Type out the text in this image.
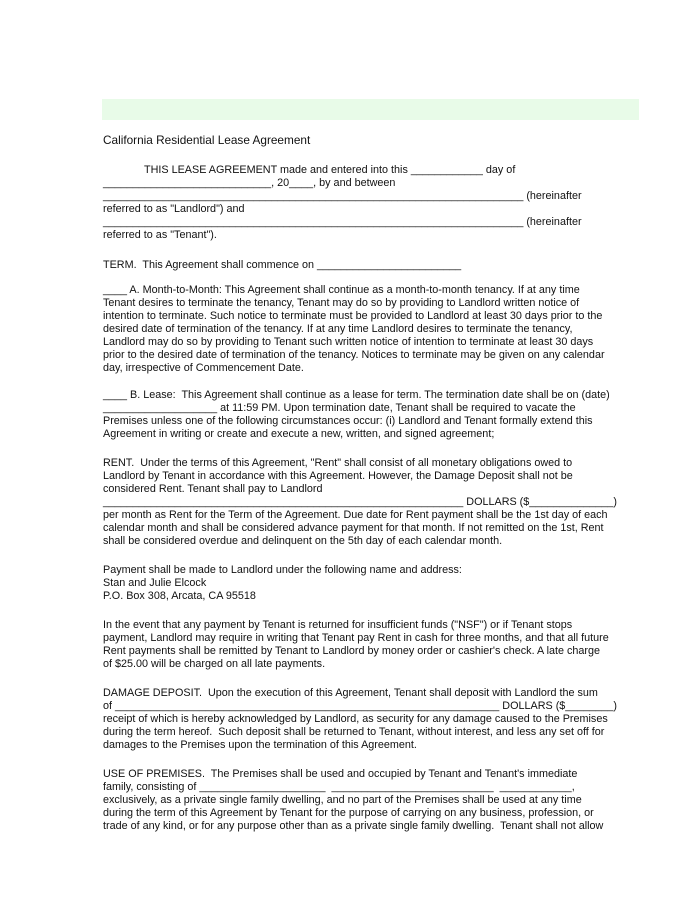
California Residential Lease Agreement
THIS LEASE AGREEMENT made and entered into this ____________ day of
____________________________, 20____, by and between
______________________________________________________________________ (hereinafter
referred to as "Landlord") and
______________________________________________________________________ (hereinafter
referred to as "Tenant").
TERM.  This Agreement shall commence on ________________________
____ A. Month-to-Month: This Agreement shall continue as a month-to-month tenancy. If at any time
Tenant desires to terminate the tenancy, Tenant may do so by providing to Landlord written notice of
intention to terminate. Such notice to terminate must be provided to Landlord at least 30 days prior to the
desired date of termination of the tenancy. If at any time Landlord desires to terminate the tenancy,
Landlord may do so by providing to Tenant such written notice of intention to terminate at least 30 days
prior to the desired date of termination of the tenancy. Notices to terminate may be given on any calendar
day, irrespective of Commencement Date.
____ B. Lease:  This Agreement shall continue as a lease for term. The termination date shall be on (date)
___________________ at 11:59 PM. Upon termination date, Tenant shall be required to vacate the
Premises unless one of the following circumstances occur: (i) Landlord and Tenant formally extend this
Agreement in writing or create and execute a new, written, and signed agreement;
RENT.  Under the terms of this Agreement, "Rent" shall consist of all monetary obligations owed to
Landlord by Tenant in accordance with this Agreement. However, the Damage Deposit shall not be
considered Rent. Tenant shall pay to Landlord
____________________________________________________________ DOLLARS ($______________)
per month as Rent for the Term of the Agreement. Due date for Rent payment shall be the 1st day of each
calendar month and shall be considered advance payment for that month. If not remitted on the 1st, Rent
shall be considered overdue and delinquent on the 5th day of each calendar month.
Payment shall be made to Landlord under the following name and address:
Stan and Julie Elcock
P.O. Box 308, Arcata, CA 95518
In the event that any payment by Tenant is returned for insufficient funds ("NSF") or if Tenant stops
payment, Landlord may require in writing that Tenant pay Rent in cash for three months, and that all future
Rent payments shall be remitted by Tenant to Landlord by money order or cashier's check. A late charge
of $25.00 will be charged on all late payments.
DAMAGE DEPOSIT.  Upon the execution of this Agreement, Tenant shall deposit with Landlord the sum
of ________________________________________________________________ DOLLARS ($________)
receipt of which is hereby acknowledged by Landlord, as security for any damage caused to the Premises
during the term hereof.  Such deposit shall be returned to Tenant, without interest, and less any set off for
damages to the Premises upon the termination of this Agreement.
USE OF PREMISES.  The Premises shall be used and occupied by Tenant and Tenant's immediate
family, consisting of _____________________  ___________________________  ____________,
exclusively, as a private single family dwelling, and no part of the Premises shall be used at any time
during the term of this Agreement by Tenant for the purpose of carrying on any business, profession, or
trade of any kind, or for any purpose other than as a private single family dwelling.  Tenant shall not allow
